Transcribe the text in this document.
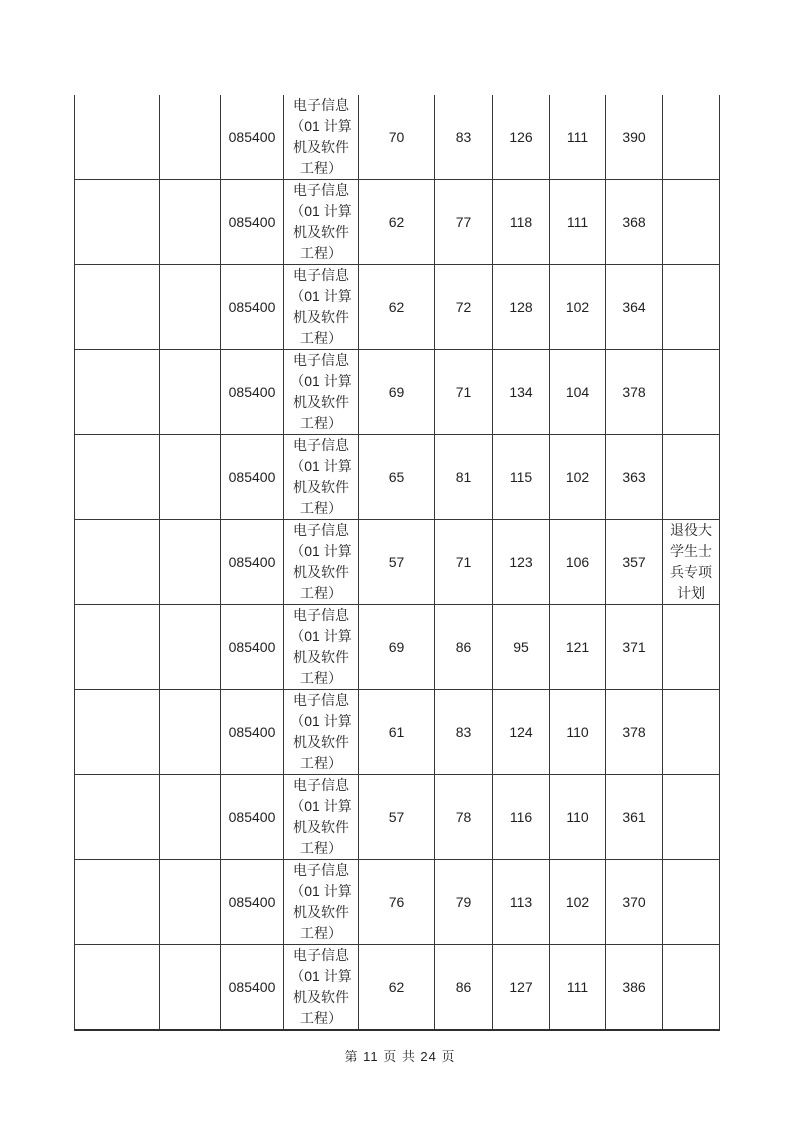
		085400	电子信息
（01 计算
机及软件
工程）	70	83	126	111	390	
		085400	电子信息
（01 计算
机及软件
工程）	62	77	118	111	368	
		085400	电子信息
（01 计算
机及软件
工程）	62	72	128	102	364	
		085400	电子信息
（01 计算
机及软件
工程）	69	71	134	104	378	
		085400	电子信息
（01 计算
机及软件
工程）	65	81	115	102	363	
		085400	电子信息
（01 计算
机及软件
工程）	57	71	123	106	357	退役大
学生士
兵专项
计划

		085400	电子信息
（01 计算
机及软件
工程）	69	86	95	121	371	
		085400	电子信息
（01 计算
机及软件
工程）	61	83	124	110	378	
		085400	电子信息
（01 计算
机及软件
工程）	57	78	116	110	361	
		085400	电子信息
（01 计算
机及软件
工程）	76	79	113	102	370	
		085400	电子信息
（01 计算
机及软件
工程）	62	86	127	111	386	
第 11 页 共 24 页
